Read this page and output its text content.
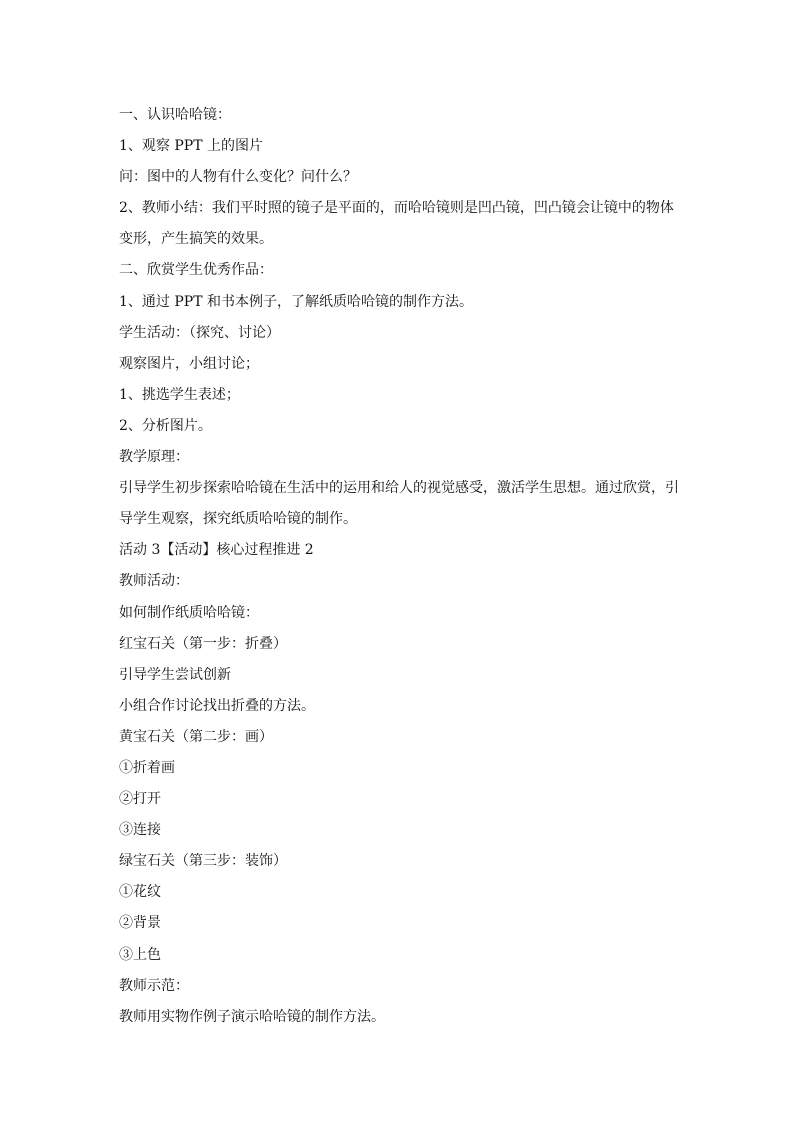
一、认识哈哈镜：

1、观察 PPT 上的图片

问：图中的人物有什么变化？问什么？

2、教师小结：我们平时照的镜子是平面的，而哈哈镜则是凹凸镜，凹凸镜会让镜中的物体

变形，产生搞笑的效果。

二、欣赏学生优秀作品：

1、通过 PPT 和书本例子，了解纸质哈哈镜的制作方法。

学生活动：（探究、讨论）

观察图片，小组讨论；

1、挑选学生表述；

2、分析图片。

教学原理：

引导学生初步探索哈哈镜在生活中的运用和给人的视觉感受，激活学生思想。通过欣赏，引

导学生观察，探究纸质哈哈镜的制作。

活动 3【活动】核心过程推进 2

教师活动：

如何制作纸质哈哈镜：

红宝石关（第一步：折叠）

引导学生尝试创新

小组合作讨论找出折叠的方法。

黄宝石关（第二步：画）

①折着画

②打开

③连接

绿宝石关（第三步：装饰）

①花纹

②背景

③上色

教师示范：

教师用实物作例子演示哈哈镜的制作方法。
